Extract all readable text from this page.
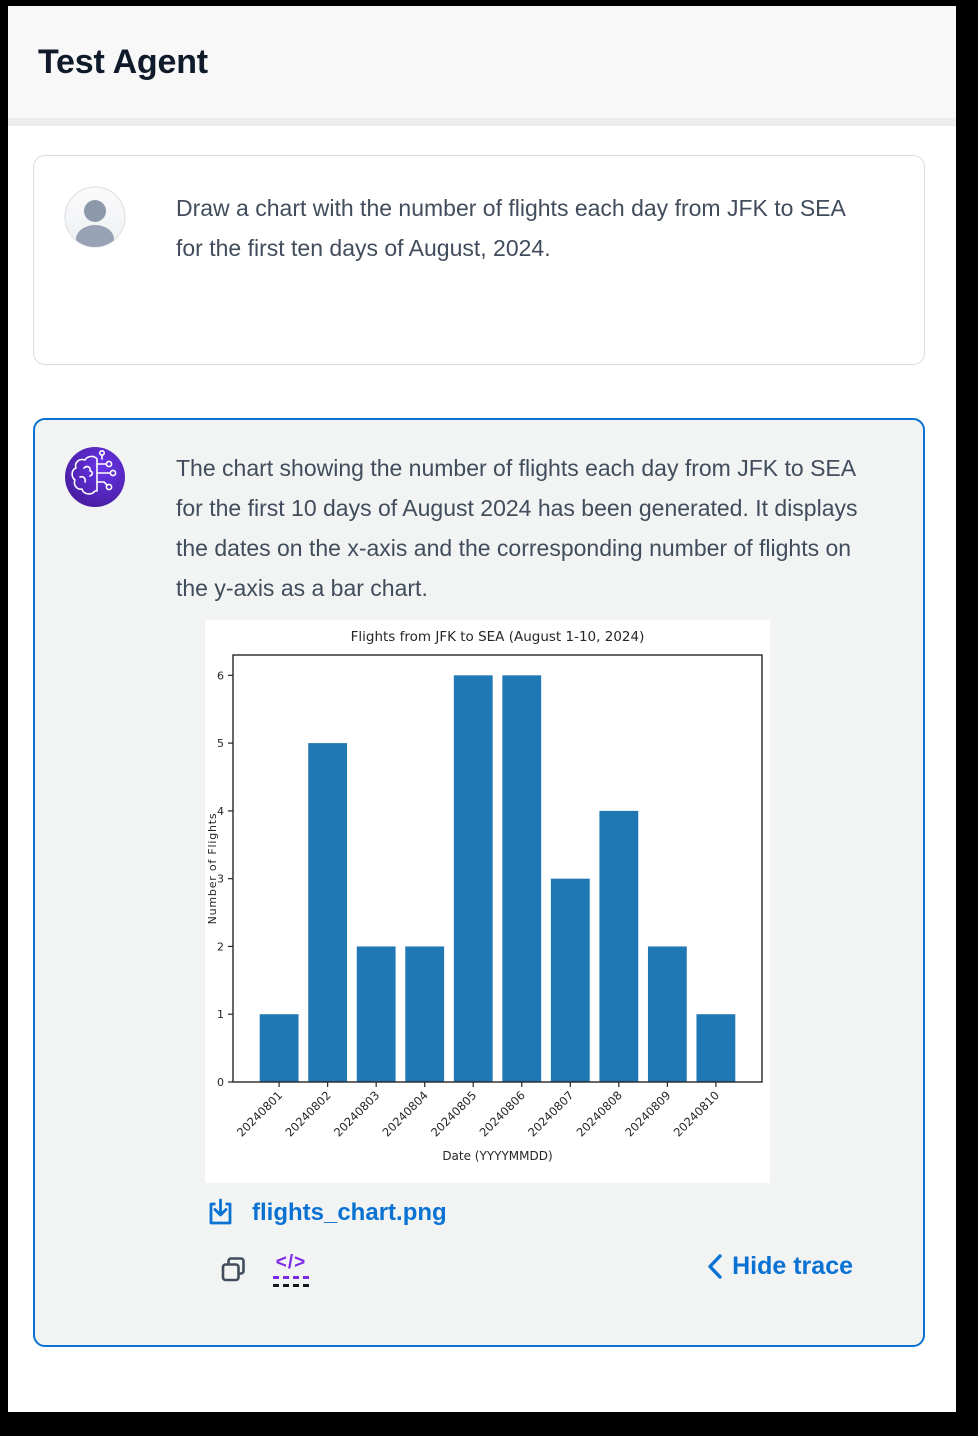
Test Agent
Draw a chart with the number of flights each day from JFK to SEA for the first ten days of August, 2024.
The chart showing the number of flights each day from JFK to SEA for the first 10 days of August 2024 has been generated. It displays the dates on the x-axis and the corresponding number of flights on the y-axis as a bar chart.
0
1
2
3
4
5
6
20240801
20240802
20240803
20240804
20240805
20240806
20240807
20240808
20240809
20240810
Flights from JFK to SEA (August 1-10, 2024)
Date (YYYYMMDD)
Number of Flights
flights_chart.png
</>	Hide trace
